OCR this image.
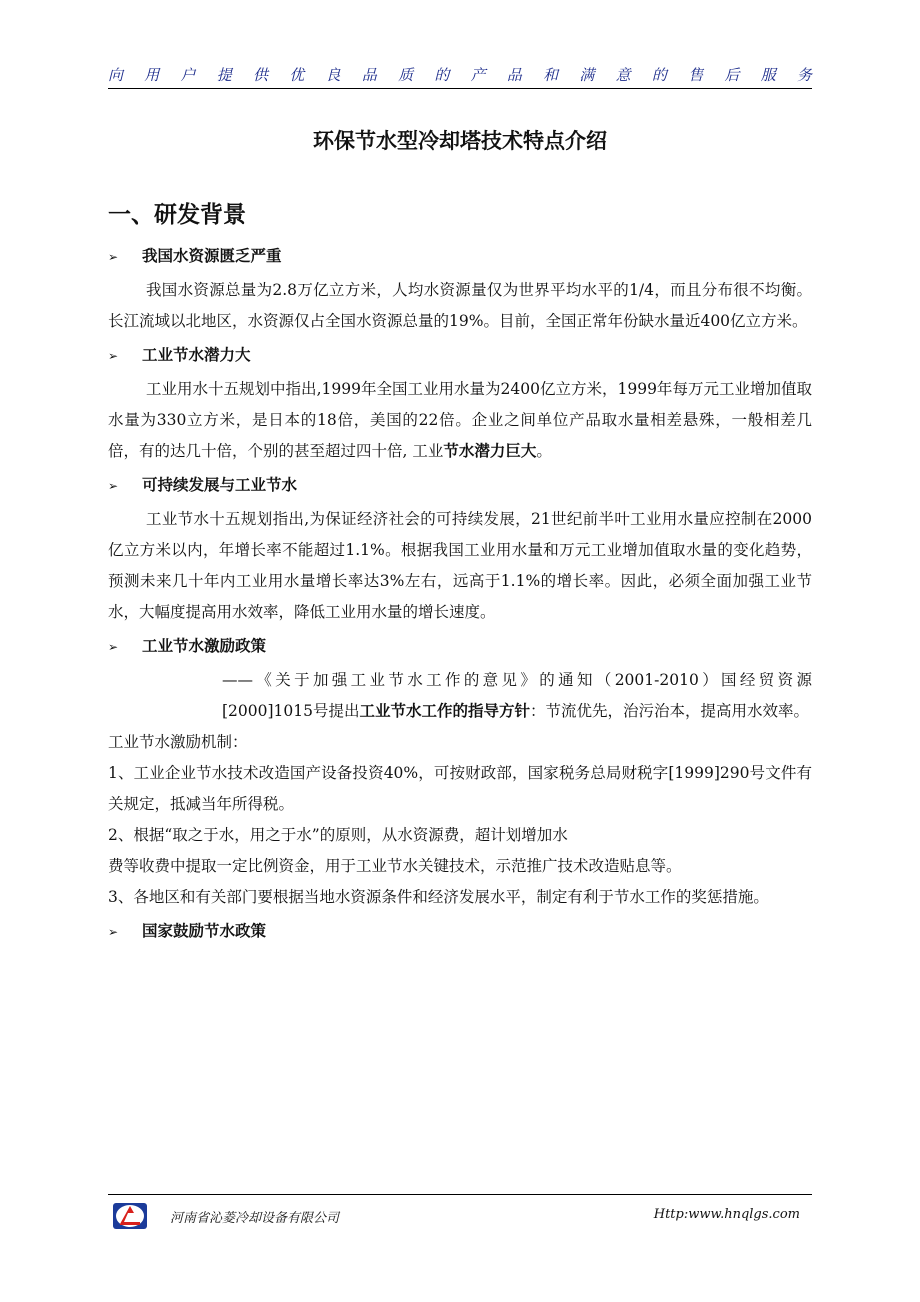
向用户提供优良品质的产品和满意的售后服务
环保节水型冷却塔技术特点介绍
一、研发背景
➢ 我国水资源匮乏严重

我国水资源总量为2.8万亿立方米，人均水资源量仅为世界平均水平的1/4，而且分布很不均衡。长江流域以北地区，水资源仅占全国水资源总量的19%。目前，全国正常年份缺水量近400亿立方米。

➢ 工业节水潜力大

工业用水十五规划中指出,1999年全国工业用水量为2400亿立方米，1999年每万元工业增加值取水量为330立方米，是日本的18倍，美国的22倍。企业之间单位产品取水量相差悬殊，一般相差几倍，有的达几十倍，个别的甚至超过四十倍, 工业节水潜力巨大。

➢ 可持续发展与工业节水

工业节水十五规划指出,为保证经济社会的可持续发展，21世纪前半叶工业用水量应控制在2000亿立方米以内，年增长率不能超过1.1%。根据我国工业用水量和万元工业增加值取水量的变化趋势，预测未来几十年内工业用水量增长率达3%左右，远高于1.1%的增长率。因此，必须全面加强工业节水，大幅度提高用水效率，降低工业用水量的增长速度。

➢ 工业节水激励政策

——《关于加强工业节水工作的意见》的通知（2001-2010）国经贸资源[2000]1015号提出工业节水工作的指导方针：节流优先，治污治本，提高用水效率。

工业节水激励机制：

1、工业企业节水技术改造国产设备投资40%，可按财政部，国家税务总局财税字[1999]290号文件有关规定，抵减当年所得税。

2、根据“取之于水，用之于水”的原则，从水资源费，超计划增加水

费等收费中提取一定比例资金，用于工业节水关键技术，示范推广技术改造贴息等。

3、各地区和有关部门要根据当地水资源条件和经济发展水平，制定有利于节水工作的奖惩措施。

➢ 国家鼓励节水政策
河南省沁菱冷却设备有限公司	Http:www.hnqlgs.com
